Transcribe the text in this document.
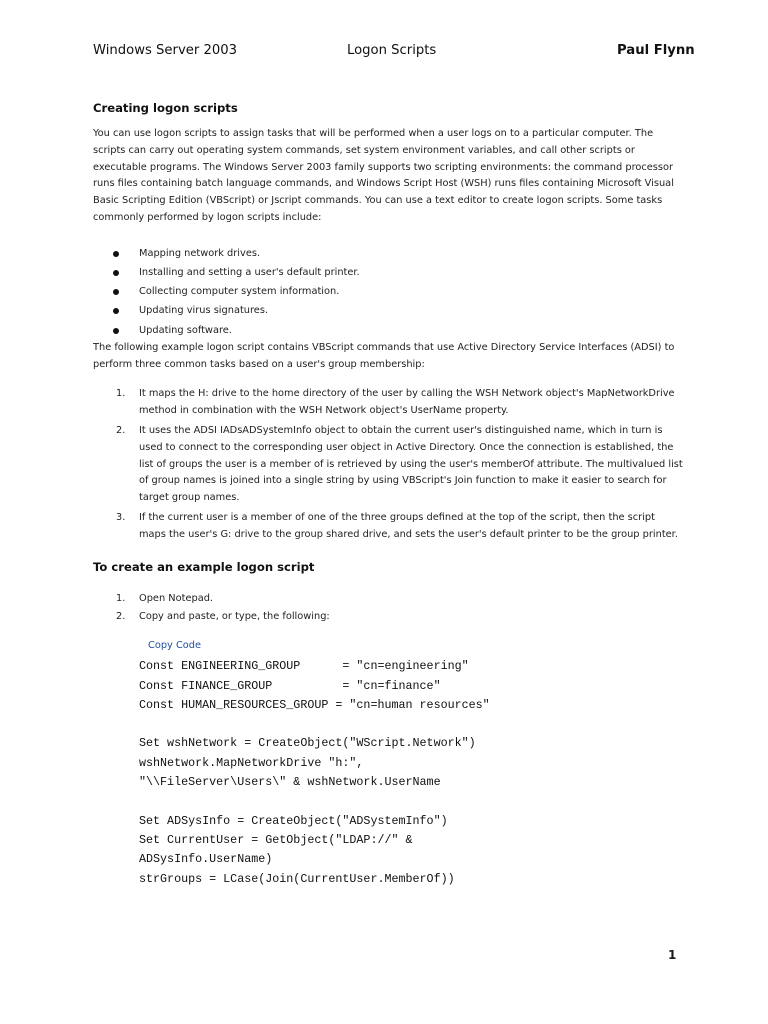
Windows Server 2003	Logon Scripts	Paul Flynn
Creating logon scripts

You can use logon scripts to assign tasks that will be performed when a user logs on to a particular computer. The scripts can carry out operating system commands, set system environment variables, and call other scripts or executable programs. The Windows Server 2003 family supports two scripting environments: the command processor runs files containing batch language commands, and Windows Script Host (WSH) runs files containing Microsoft Visual Basic Scripting Edition (VBScript) or Jscript commands. You can use a text editor to create logon scripts. Some tasks commonly performed by logon scripts include:

Mapping network drives.
Installing and setting a user's default printer.
Collecting computer system information.
Updating virus signatures.
Updating software.

The following example logon script contains VBScript commands that use Active Directory Service Interfaces (ADSI) to perform three common tasks based on a user's group membership:

1. It maps the H: drive to the home directory of the user by calling the WSH Network object's MapNetworkDrive method in combination with the WSH Network object's UserName property.
2. It uses the ADSI IADsADSystemInfo object to obtain the current user's distinguished name, which in turn is used to connect to the corresponding user object in Active Directory. Once the connection is established, the list of groups the user is a member of is retrieved by using the user's memberOf attribute. The multivalued list of group names is joined into a single string by using VBScript's Join function to make it easier to search for target group names.
3. If the current user is a member of one of the three groups defined at the top of the script, then the script maps the user's G: drive to the group shared drive, and sets the user's default printer to be the group printer.
To create an example logon script
1. Open Notepad.
2. Copy and paste, or type, the following:
Copy Code
Const ENGINEERING_GROUP      = "cn=engineering"
Const FINANCE_GROUP          = "cn=finance"
Const HUMAN_RESOURCES_GROUP = "cn=human resources"
Set wshNetwork = CreateObject("WScript.Network")
wshNetwork.MapNetworkDrive "h:",
"\\FileServer\Users\" & wshNetwork.UserName
Set ADSysInfo = CreateObject("ADSystemInfo")
Set CurrentUser = GetObject("LDAP://" &
ADSysInfo.UserName)
strGroups = LCase(Join(CurrentUser.MemberOf))
1
